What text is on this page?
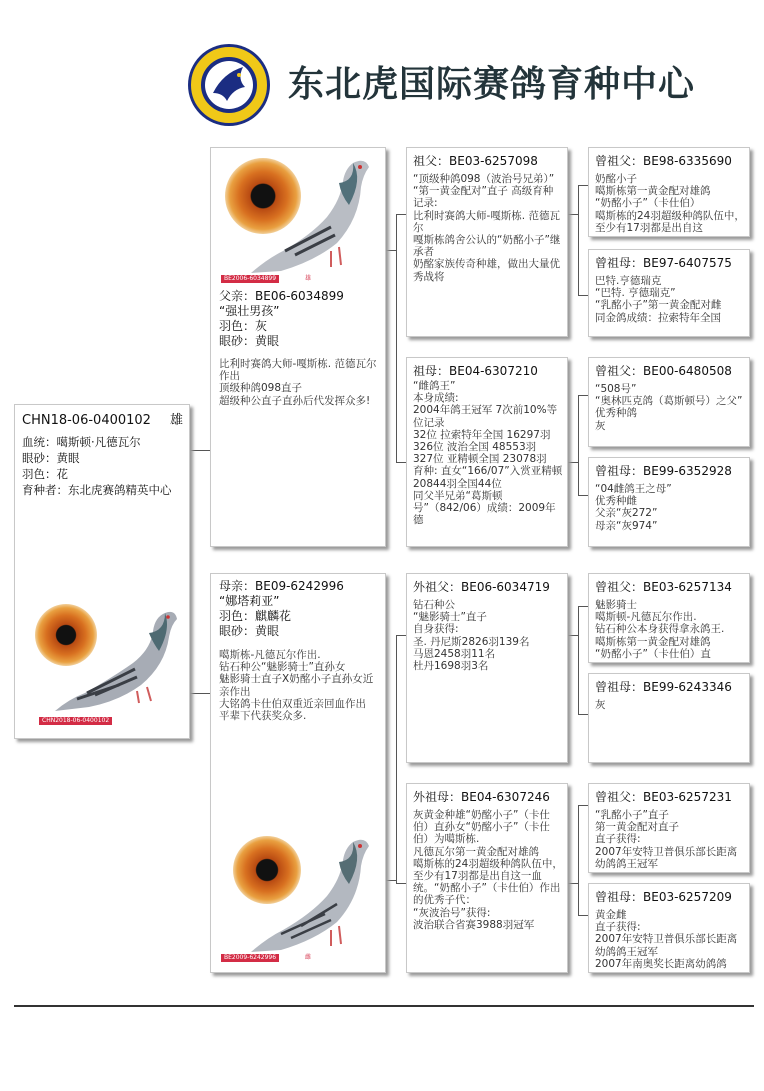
东北虎国际赛鸽育种中心
CHN18-06-0400102 雄
血统：噶斯顿·凡德瓦尔
眼砂：黄眼
羽色：花
育种者：东北虎赛鸽精英中心
CHN2018-06-0400102
BE2006-6034899	雄
父亲：BE06-6034899
“强壮男孩”
羽色：灰
眼砂：黄眼
比利时赛鸽大师-嘎斯栋. 范德瓦尔作出
顶级种鸽098直子
超级种公直子直孙后代发挥众多!
母亲：BE09-6242996
“娜塔莉亚”
羽色：麒麟花
眼砂：黄眼
噶斯栋-凡德瓦尔作出.
钻石种公“魅影骑士”直孙女
魅影骑士直子X奶酩小子直孙女近亲作出
大铭鸽卡仕伯双重近亲回血作出
平辈下代获奖众多.
BE2009-6242996	雌
祖父：BE03-6257098
“顶级种鸽098（波治号兄弟）”
“第一黄金配对”直子 高级育种记录:
比利时赛鸽大师-嘎斯栋. 范德瓦尔
嘎斯栋鸽舍公认的“奶酩小子”继承者
奶酩家族传奇种雄，做出大量优秀战将
祖母：BE04-6307210
“雌鸽王”
本身成绩:
2004年鸽王冠军 7次前10%等位记录
32位 拉索特年全国 16297羽
326位 波治全国 48553羽
327位 亚精顿全国 23078羽
育种: 直女“166/07”入赏亚精顿20844羽全国44位
同父半兄弟“葛斯顿号”（842/06）成绩：2009年德
外祖父：BE06-6034719
钻石种公
“魅影骑士”直子
自身获得:
圣. 丹尼斯2826羽139名
马恩2458羽11名
杜丹1698羽3名
外祖母：BE04-6307246
灰黄金种雄“奶酩小子”（卡仕伯）直孙女“奶酩小子”（卡仕伯）为噶斯栋.
凡德瓦尔第一黄金配对雄鸽
噶斯栋的24羽超级种鸽队伍中，至少有17羽都是出自这一血统。“奶酩小子”（卡仕伯）作出的优秀子代：
“灰波治号”获得:
波治联合省赛3988羽冠军
曾祖父：BE98-6335690
奶酩小子
噶斯栋第一黄金配对雄鸽
“奶酩小子”（卡仕伯）
噶斯栋的24羽超级种鸽队伍中，至少有17羽都是出自这
曾祖母：BE97-6407575
巴特.亨德瑞克
“巴特. 亨德瑞克”
“乳酩小子”第一黄金配对雌
同金鸽成绩：拉索特年全国
曾祖父：BE00-6480508
“508号”
“奥林匹克鸽（葛斯顿号）之父”
优秀种鸽
灰
曾祖母：BE99-6352928
“04雌鸽王之母”
优秀种雌
父亲“灰272”
母亲“灰974”
曾祖父：BE03-6257134
魅影骑士
噶斯顿-凡德瓦尔作出.
钻石种公本身获得拿永鸽王.
噶斯栋第一黄金配对雄鸽
“奶酩小子”（卡仕伯）直
曾祖母：BE99-6243346
灰
曾祖父：BE03-6257231
“乳酩小子”直子
第一黄金配对直子
直子获得:
2007年安特卫普俱乐部长距离幼鸽鸽王冠军
曾祖母：BE03-6257209
黄金雌
直子获得:
2007年安特卫普俱乐部长距离幼鸽鸽王冠军
2007年南奥奖长距离幼鸽鸽
